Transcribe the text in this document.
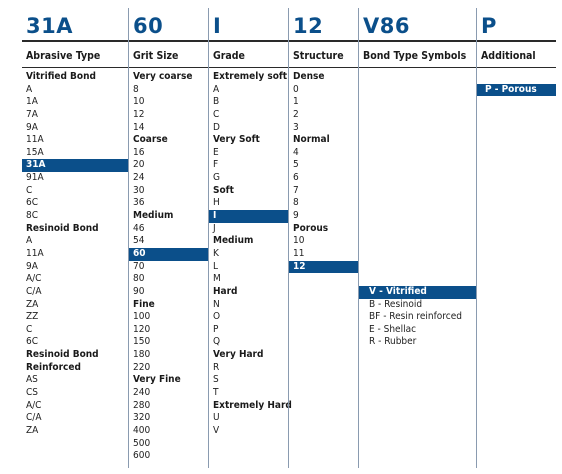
31A
Abrasive Type
Vitrified Bond
A
1A
7A
9A
11A
15A
31A
91A
C
6C
8C
Resinoid Bond
A
11A
9A
A/C
C/A
ZA
ZZ
C
6C
Resinoid Bond
Reinforced
AS
CS
A/C
C/A
ZA
60
Grit Size
Very coarse
8
10
12
14
Coarse
16
20
24
30
36
Medium
46
54
60
70
80
90
Fine
100
120
150
180
220
Very Fine
240
280
320
400
500
600
I
Grade
Extremely soft
A
B
C
D
Very Soft
E
F
G
Soft
H
I
J
Medium
K
L
M
Hard
N
O
P
Q
Very Hard
R
S
T
Extremely Hard
U
V
12
Structure
Dense
0
1
2
3
Normal
4
5
6
7
8
9
Porous
10
11
12
V86
Bond Type Symbols
V - Vitrified
B - Resinoid
BF - Resin reinforced
E - Shellac
R - Rubber
P
Additional
P - Porous
